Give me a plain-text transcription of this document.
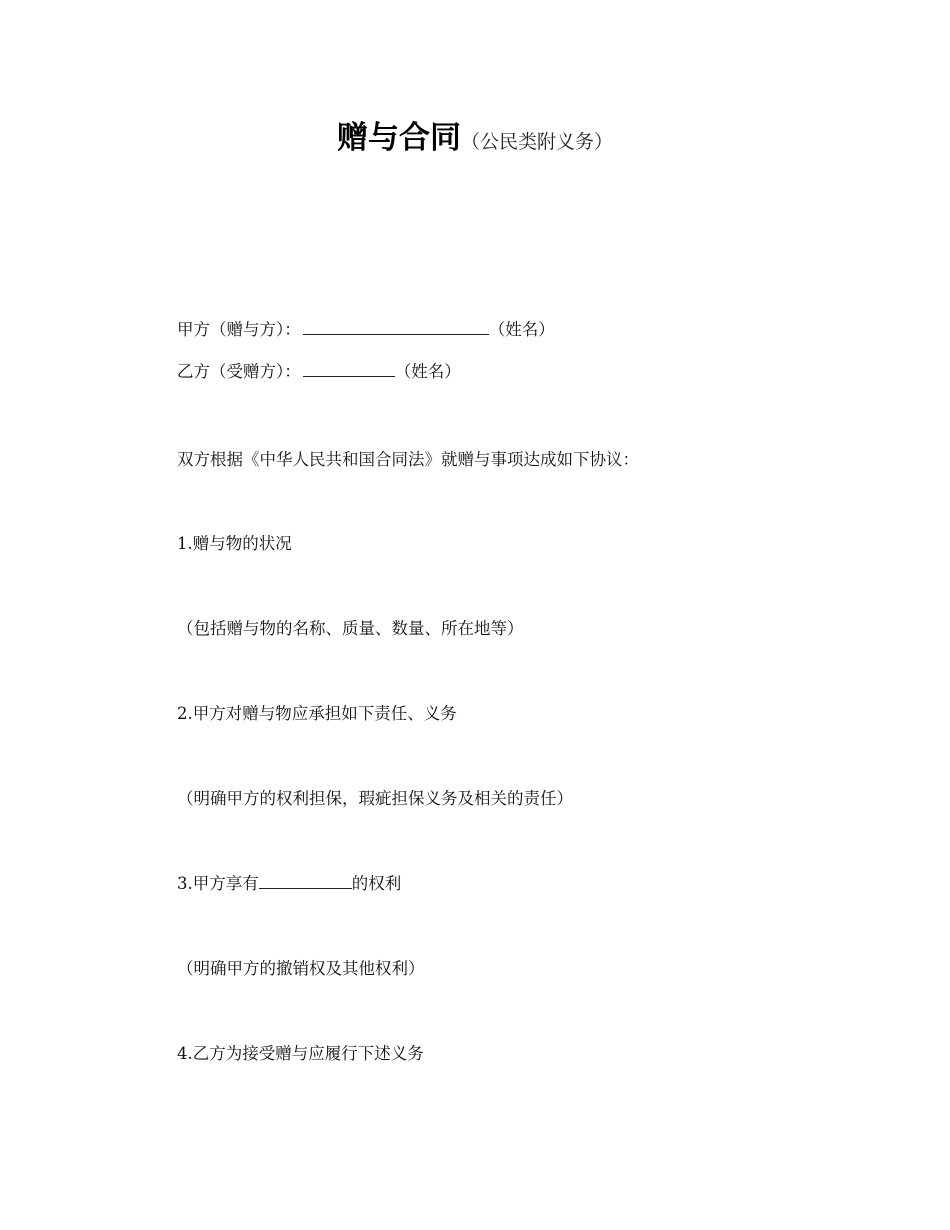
赠与合同（公民类附义务）
甲方（赠与方）：	（姓名）
乙方（受赠方）：	（姓名）
双方根据《中华人民共和国合同法》就赠与事项达成如下协议：
1.赠与物的状况
（包括赠与物的名称、质量、数量、所在地等）
2.甲方对赠与物应承担如下责任、义务
（明确甲方的权利担保，瑕疵担保义务及相关的责任）
3.甲方享有	的权利
（明确甲方的撤销权及其他权利）
4.乙方为接受赠与应履行下述义务
